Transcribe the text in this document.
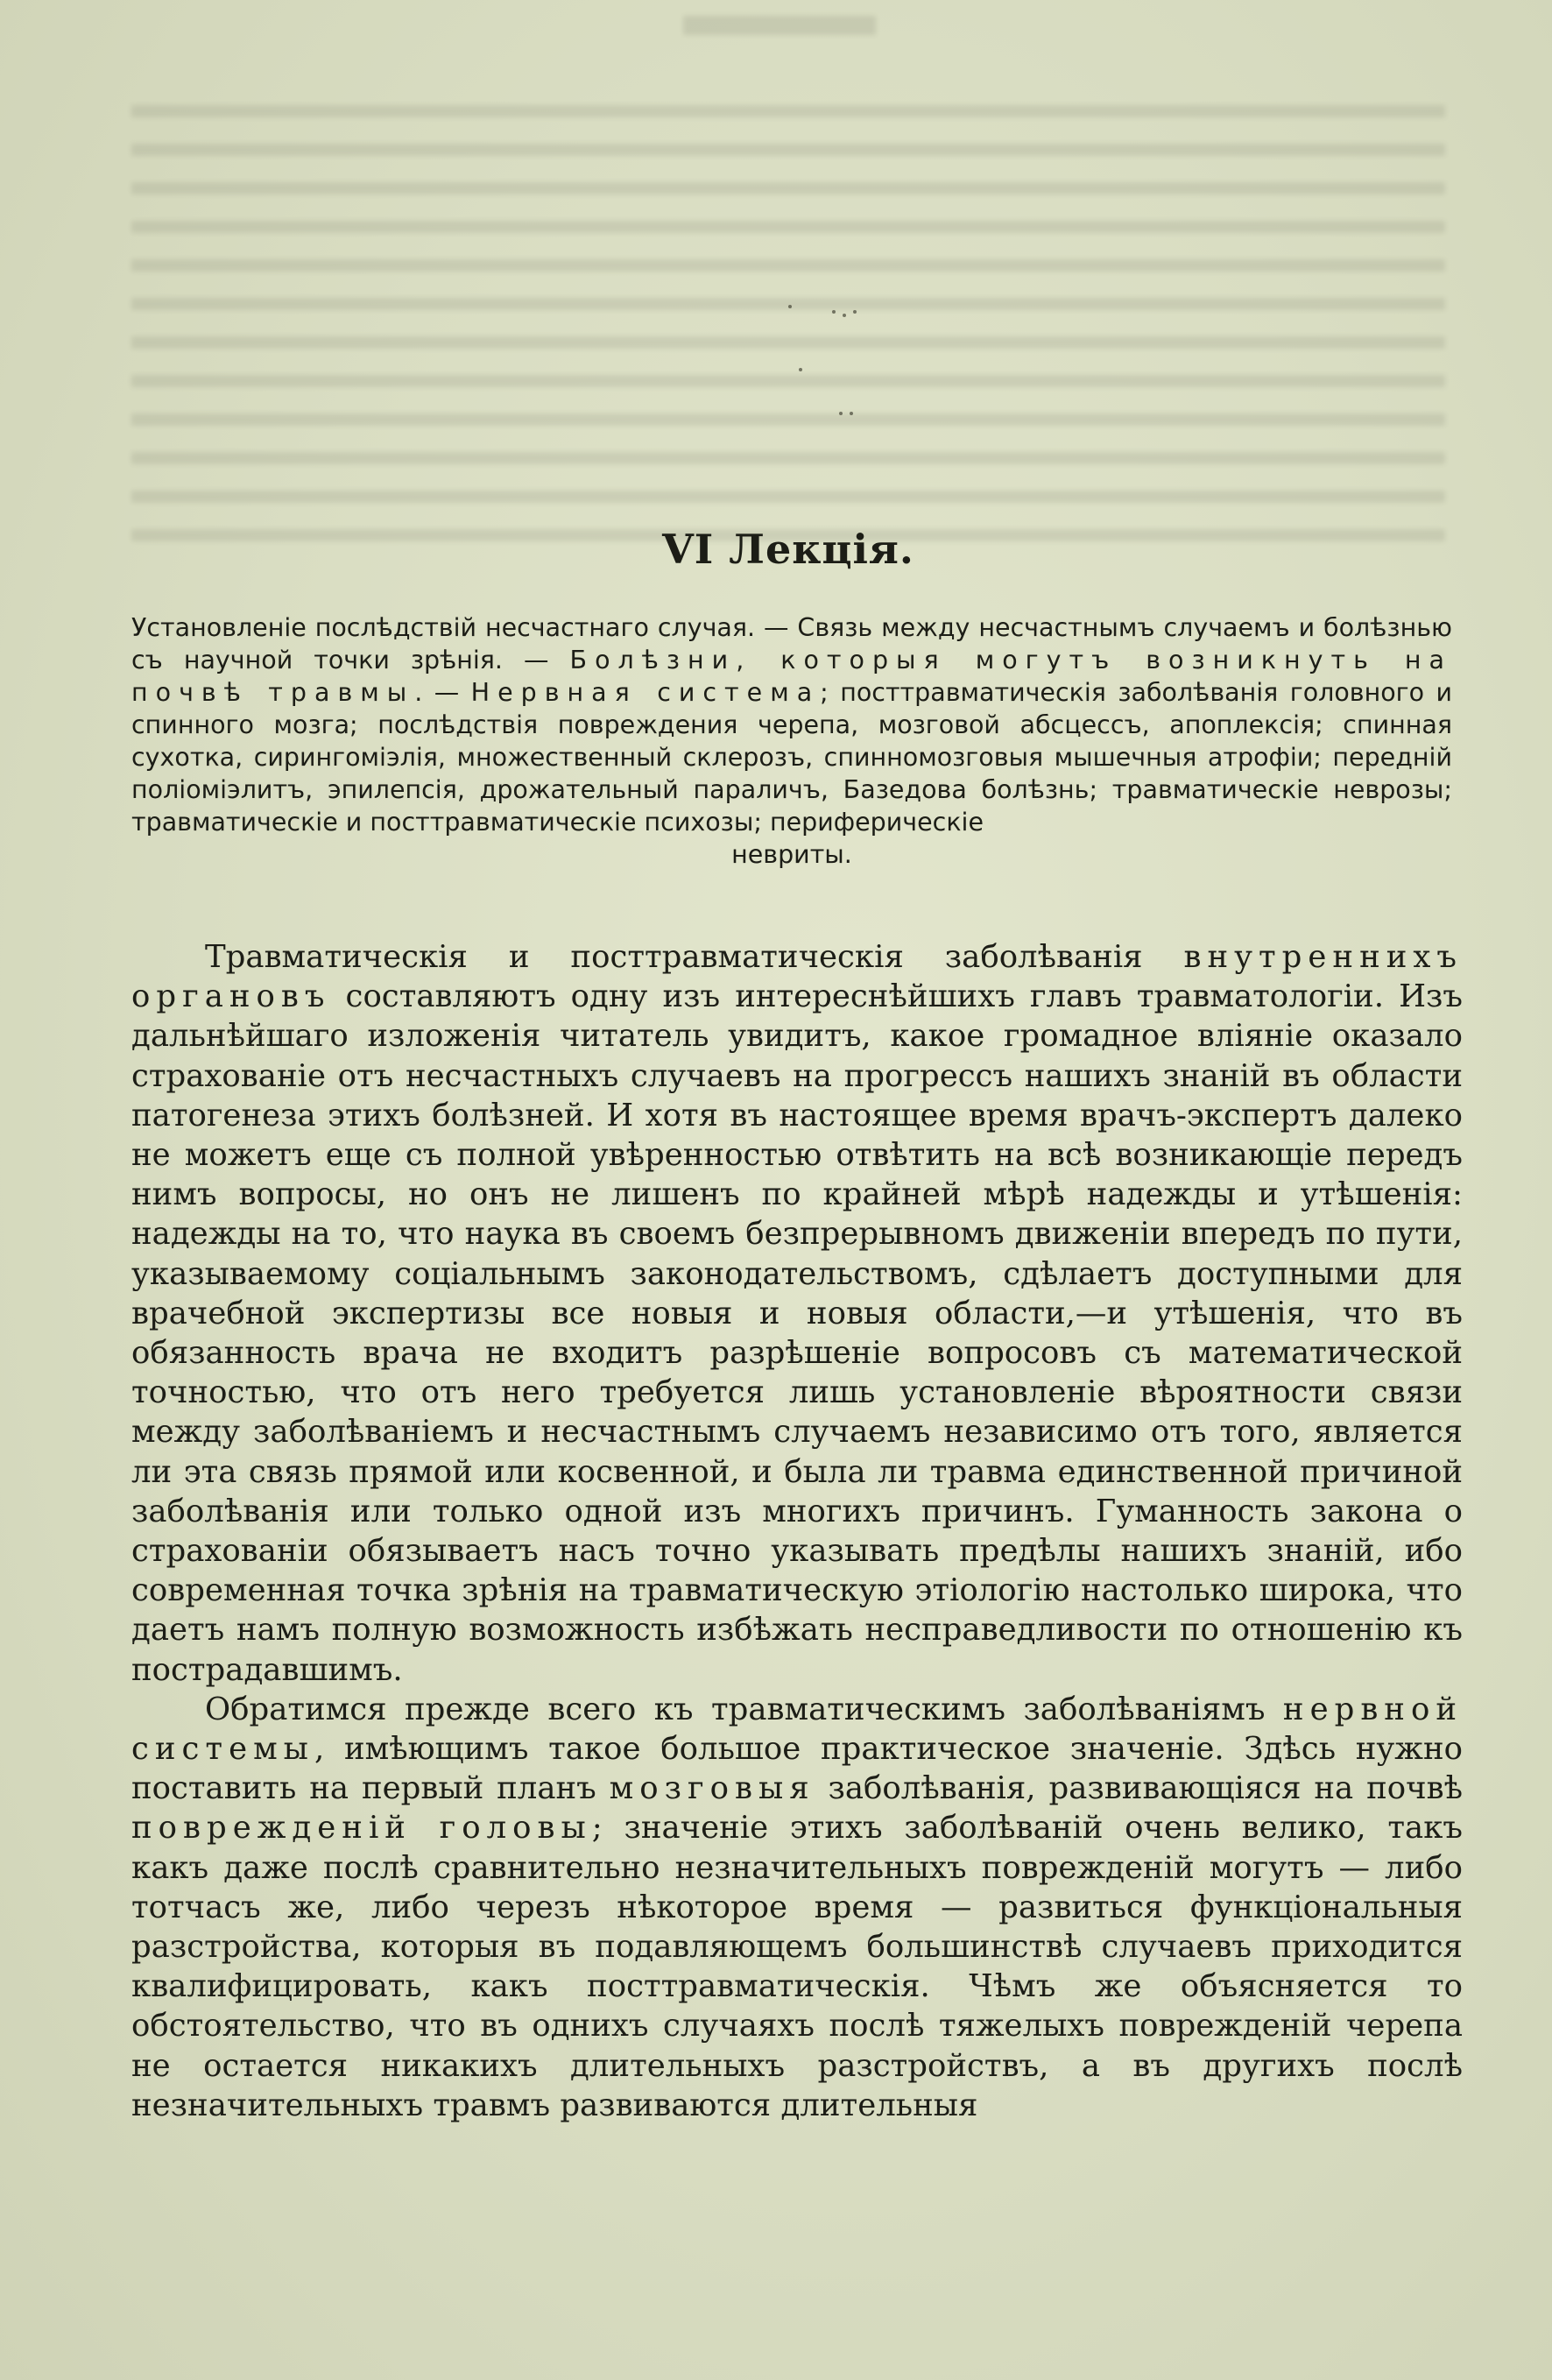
VI Лекція.
Установленіе послѣдствій несчастнаго случая. — Связь между несчастнымъ случаемъ и болѣзнью съ научной точки зрѣнія. — Болѣзни, которыя могутъ возникнуть на почвѣ травмы. — Нервная система; посттравматическія заболѣванія головного и спинного мозга; послѣдствія повреждения черепа, мозговой абсцессъ, апоплексія; спинная сухотка, сирингоміэлія, множественный склерозъ, спинномозговыя мышечныя атрофіи; передній поліоміэлитъ, эпилепсія, дрожательный параличъ, Базедова болѣзнь; травматическіе неврозы; травматическіе и посттравматическіе психозы; периферическіе
невриты.

Травматическія и посттравматическія заболѣванія внутреннихъ органовъ составляютъ одну изъ интереснѣйшихъ главъ травматологіи. Изъ дальнѣйшаго изложенія читатель увидитъ, какое громадное вліяніе оказало страхованіе отъ несчастныхъ случаевъ на прогрессъ нашихъ знаній въ области патогенеза этихъ болѣзней. И хотя въ настоящее время врачъ-экспертъ далеко не можетъ еще съ полной увѣренностью отвѣтить на всѣ возникающіе передъ нимъ вопросы, но онъ не лишенъ по крайней мѣрѣ надежды и утѣшенія: надежды на то, что наука въ своемъ безпрерывномъ движеніи впередъ по пути, указываемому соціальнымъ законодательствомъ, сдѣлаетъ доступными для врачебной экспертизы все новыя и новыя области,—и утѣшенія, что въ обязанность врача не входитъ разрѣшеніе вопросовъ съ математической точностью, что отъ него требуется лишь установленіе вѣроятности связи между заболѣваніемъ и несчастнымъ случаемъ независимо отъ того, является ли эта связь прямой или косвенной, и была ли травма единственной причиной заболѣванія или только одной изъ многихъ причинъ. Гуманность закона о страхованіи обязываетъ насъ точно указывать предѣлы нашихъ знаній, ибо современная точка зрѣнія на травматическую этіологію настолько широка, что даетъ намъ полную возможность избѣжать несправедливости по отношенію къ пострадавшимъ.

Обратимся прежде всего къ травматическимъ заболѣваніямъ нервной системы, имѣющимъ такое большое практическое значеніе. Здѣсь нужно поставить на первый планъ мозговыя заболѣванія, развивающіяся на почвѣ поврежденій головы; значеніе этихъ заболѣваній очень велико, такъ какъ даже послѣ сравнительно незначительныхъ поврежденій могутъ — либо тотчасъ же, либо черезъ нѣкоторое время — развиться функціональныя разстройства, которыя въ подавляющемъ большинствѣ случаевъ приходится квалифицировать, какъ посттравматическія. Чѣмъ же объясняется то обстоятельство, что въ однихъ случаяхъ послѣ тяжелыхъ поврежденій черепа не остается никакихъ длительныхъ разстройствъ, а въ другихъ послѣ незначительныхъ травмъ развиваются длительныя
